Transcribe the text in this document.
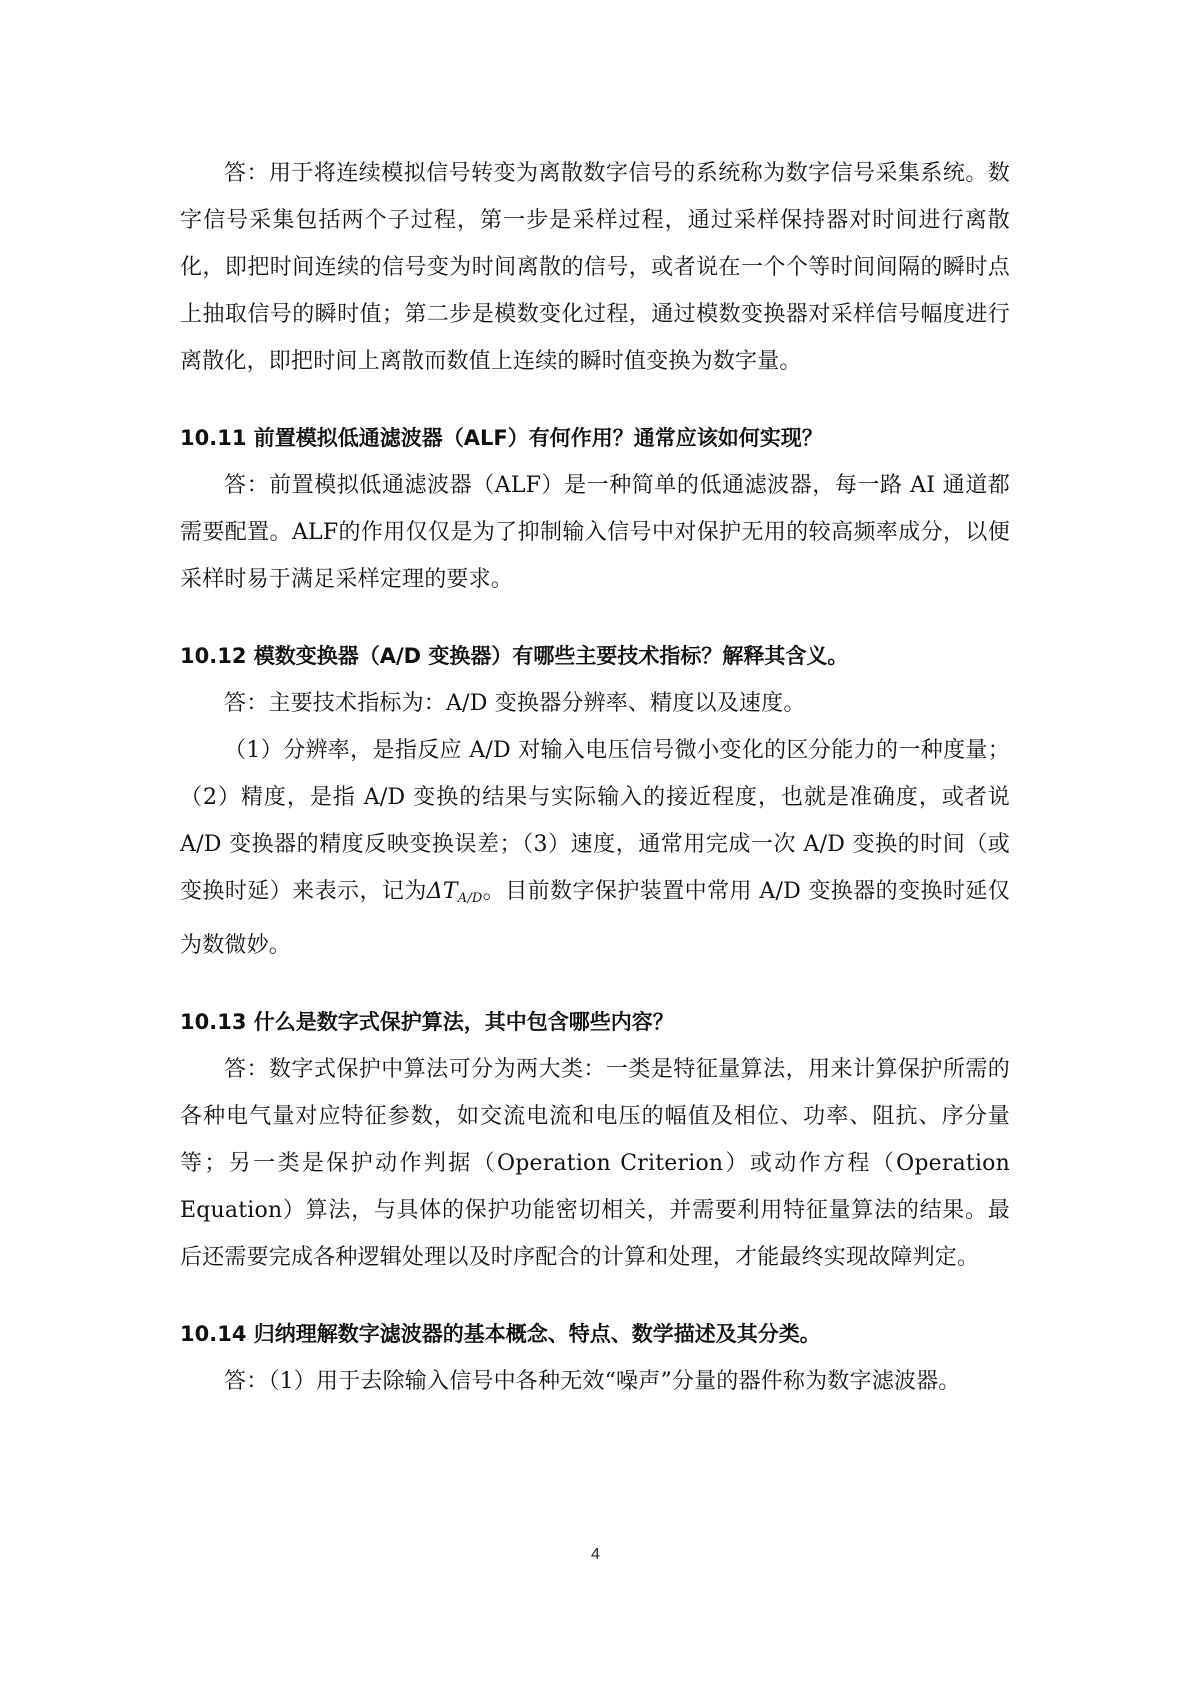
答：用于将连续模拟信号转变为离散数字信号的系统称为数字信号采集系统。数字信号采集包括两个子过程，第一步是采样过程，通过采样保持器对时间进行离散化，即把时间连续的信号变为时间离散的信号，或者说在一个个等时间间隔的瞬时点上抽取信号的瞬时值；第二步是模数变化过程，通过模数变换器对采样信号幅度进行离散化，即把时间上离散而数值上连续的瞬时值变换为数字量。

10.11 前置模拟低通滤波器（ALF）有何作用？通常应该如何实现？

答：前置模拟低通滤波器（ALF）是一种简单的低通滤波器，每一路 AI 通道都需要配置。ALF的作用仅仅是为了抑制输入信号中对保护无用的较高频率成分，以便采样时易于满足采样定理的要求。

10.12 模数变换器（A/D 变换器）有哪些主要技术指标？解释其含义。

答：主要技术指标为：A/D 变换器分辨率、精度以及速度。

（1）分辨率，是指反应 A/D 对输入电压信号微小变化的区分能力的一种度量；（2）精度，是指 A/D 变换的结果与实际输入的接近程度，也就是准确度，或者说 A/D 变换器的精度反映变换误差；（3）速度，通常用完成一次 A/D 变换的时间（或变换时延）来表示，记为ΔTA/D。目前数字保护装置中常用 A/D 变换器的变换时延仅为数微妙。

10.13 什么是数字式保护算法，其中包含哪些内容？

答：数字式保护中算法可分为两大类：一类是特征量算法，用来计算保护所需的各种电气量对应特征参数，如交流电流和电压的幅值及相位、功率、阻抗、序分量等；另一类是保护动作判据（Operation Criterion）或动作方程（Operation Equation）算法，与具体的保护功能密切相关，并需要利用特征量算法的结果。最后还需要完成各种逻辑处理以及时序配合的计算和处理，才能最终实现故障判定。

10.14 归纳理解数字滤波器的基本概念、特点、数学描述及其分类。

答：（1）用于去除输入信号中各种无效“噪声”分量的器件称为数字滤波器。

4
